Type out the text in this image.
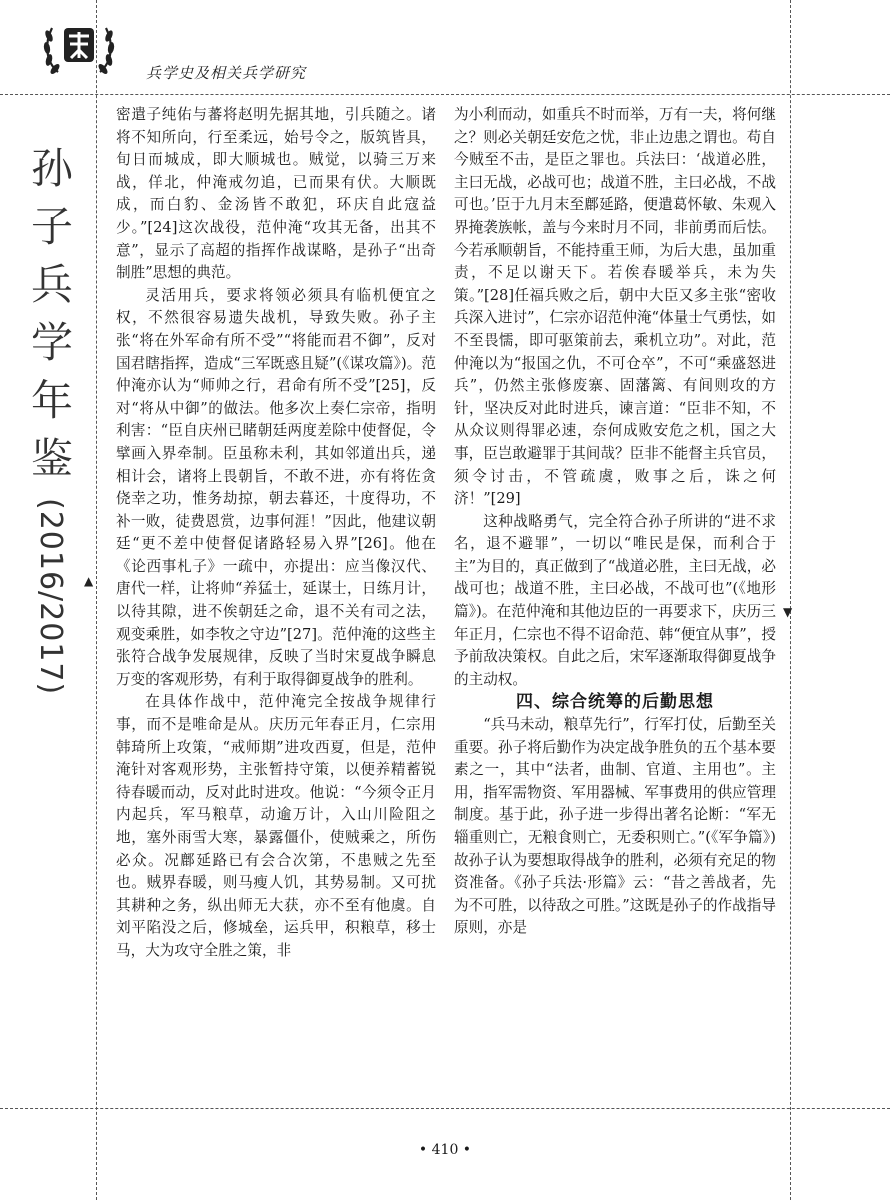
兵学史及相关兵学研究
孙
子
兵
学
年
鉴
(2016/2017) ▲
▼

密遣子纯佑与蕃将赵明先据其地，引兵随之。诸将不知所向，行至柔远，始号令之，版筑皆具，旬日而城成，即大顺城也。贼觉，以骑三万来战，佯北，仲淹戒勿追，已而果有伏。大顺既成，而白豹、金汤皆不敢犯，环庆自此寇益少。”[24]这次战役，范仲淹“攻其无备，出其不意”，显示了高超的指挥作战谋略，是孙子“出奇制胜”思想的典范。

灵活用兵，要求将领必须具有临机便宜之权，不然很容易遗失战机，导致失败。孙子主张“将在外军命有所不受”“将能而君不御”，反对国君瞎指挥，造成“三军既惑且疑”(《谋攻篇》)。范仲淹亦认为“师帅之行，君命有所不受”[25]，反对“将从中御”的做法。他多次上奏仁宗帝，指明利害：“臣自庆州已睹朝廷两度差除中使督促，令擘画入界牵制。臣虽称未利，其如邻道出兵，递相计会，诸将上畏朝旨，不敢不进，亦有将佐贪侥幸之功，惟务劫掠，朝去暮还，十度得功，不补一败，徒费恩赏，边事何涯！”因此，他建议朝廷“更不差中使督促诸路轻易入界”[26]。他在《论西事札子》一疏中，亦提出：应当像汉代、唐代一样，让将帅“养猛士，延谋士，日练月计，以待其隙，进不俟朝廷之命，退不关有司之法，观变乘胜，如李牧之守边”[27]。范仲淹的这些主张符合战争发展规律，反映了当时宋夏战争瞬息万变的客观形势，有利于取得御夏战争的胜利。

在具体作战中，范仲淹完全按战争规律行事，而不是唯命是从。庆历元年春正月，仁宗用韩琦所上攻策，“戒师期”进攻西夏，但是，范仲淹针对客观形势，主张暂持守策，以便养精蓄锐待春暖而动，反对此时进攻。他说：“今须令正月内起兵，军马粮草，动逾万计，入山川险阻之地，塞外雨雪大寒，暴露僵仆，使贼乘之，所伤必众。况鄜延路已有会合次第，不患贼之先至也。贼界春暖，则马瘦人饥，其势易制。又可扰其耕种之务，纵出师无大获，亦不至有他虞。自刘平陷没之后，修城垒，运兵甲，积粮草，移士马，大为攻守全胜之策，非

为小利而动，如重兵不时而举，万有一夫，将何继之？则必关朝廷安危之忧，非止边患之谓也。苟自今贼至不击，是臣之罪也。兵法曰：‘战道必胜，主曰无战，必战可也；战道不胜，主曰必战，不战可也。’臣于九月末至鄜延路，便遣葛怀敏、朱观入界掩袭族帐，盖与今来时月不同，非前勇而后怯。今若承顺朝旨，不能持重王师，为后大患，虽加重责，不足以谢天下。若俟春暖举兵，未为失策。”[28]任福兵败之后，朝中大臣又多主张“密收兵深入进讨”，仁宗亦诏范仲淹“体量士气勇怯，如不至畏懦，即可驱策前去，乘机立功”。对此，范仲淹以为“报国之仇，不可仓卒”，不可“乘盛怒进兵”，仍然主张修废寨、固藩篱、有间则攻的方针，坚决反对此时进兵，谏言道：“臣非不知，不从众议则得罪必速，奈何成败安危之机，国之大事，臣岂敢避罪于其间哉？臣非不能督主兵官员，须令讨击，不管疏虞，败事之后，诛之何济！”[29]

这种战略勇气，完全符合孙子所讲的“进不求名，退不避罪”，一切以“唯民是保，而利合于主”为目的，真正做到了“战道必胜，主曰无战，必战可也；战道不胜，主曰必战，不战可也”(《地形篇》)。在范仲淹和其他边臣的一再要求下，庆历三年正月，仁宗也不得不诏命范、韩“便宜从事”，授予前敌决策权。自此之后，宋军逐渐取得御夏战争的主动权。

四、综合统筹的后勤思想

“兵马未动，粮草先行”，行军打仗，后勤至关重要。孙子将后勤作为决定战争胜负的五个基本要素之一，其中“法者，曲制、官道、主用也”。主用，指军需物资、军用器械、军事费用的供应管理制度。基于此，孙子进一步得出著名论断：“军无辎重则亡，无粮食则亡，无委积则亡。”(《军争篇》)故孙子认为要想取得战争的胜利，必须有充足的物资准备。《孙子兵法·形篇》云：“昔之善战者，先为不可胜，以待敌之可胜。”这既是孙子的作战指导原则，亦是

• 410 •
